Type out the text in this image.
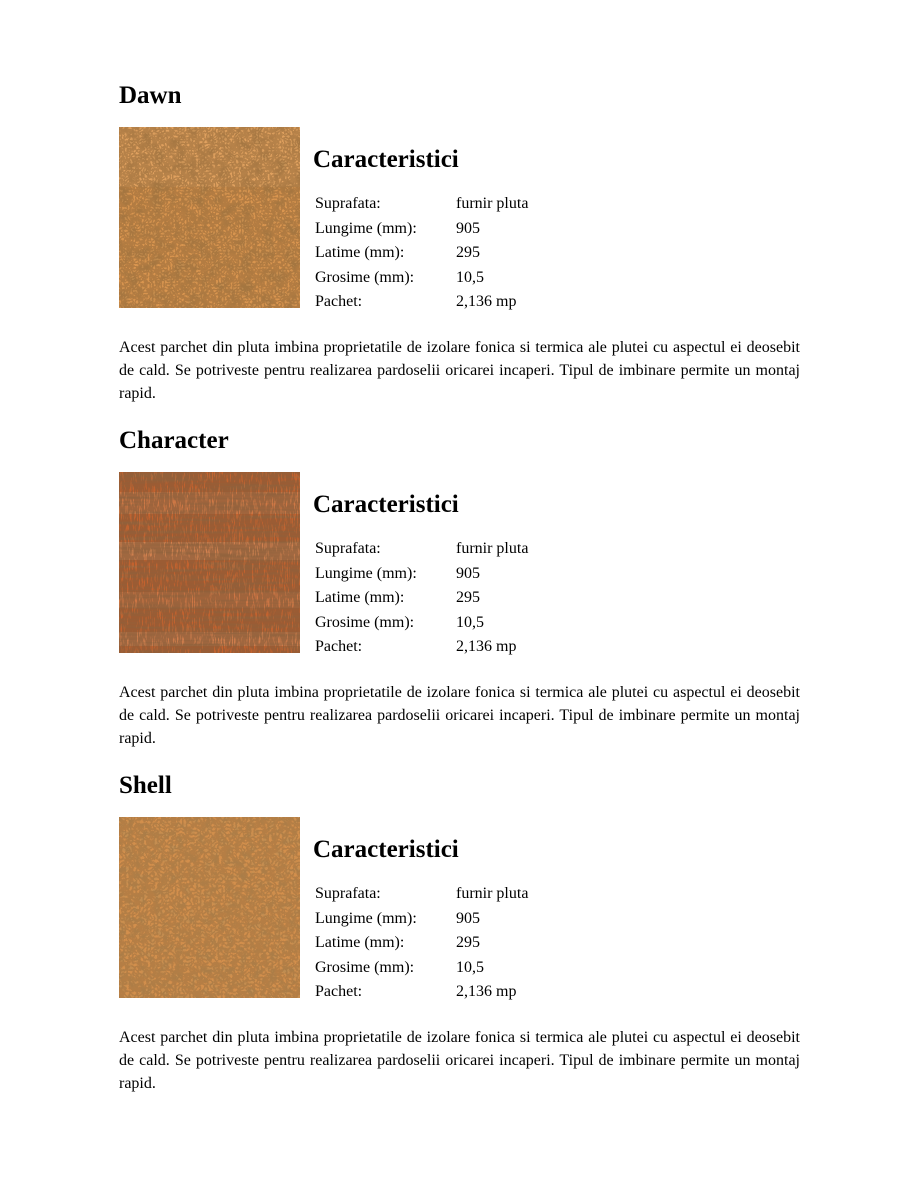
Dawn
Caracteristici
Suprafata:	furnir pluta
Lungime (mm):	905
Latime (mm):	295
Grosime (mm):	10,5
Pachet:	2,136 mp

Acest parchet din pluta imbina proprietatile de izolare fonica si termica ale plutei cu aspectul ei deosebit de cald. Se potriveste pentru realizarea pardoselii oricarei incaperi. Tipul de imbinare permite un montaj rapid.

Character
Caracteristici
Suprafata:	furnir pluta
Lungime (mm):	905
Latime (mm):	295
Grosime (mm):	10,5
Pachet:	2,136 mp

Acest parchet din pluta imbina proprietatile de izolare fonica si termica ale plutei cu aspectul ei deosebit de cald. Se potriveste pentru realizarea pardoselii oricarei incaperi. Tipul de imbinare permite un montaj rapid.

Shell
Caracteristici
Suprafata:	furnir pluta
Lungime (mm):	905
Latime (mm):	295
Grosime (mm):	10,5
Pachet:	2,136 mp

Acest parchet din pluta imbina proprietatile de izolare fonica si termica ale plutei cu aspectul ei deosebit de cald. Se potriveste pentru realizarea pardoselii oricarei incaperi. Tipul de imbinare permite un montaj rapid.
